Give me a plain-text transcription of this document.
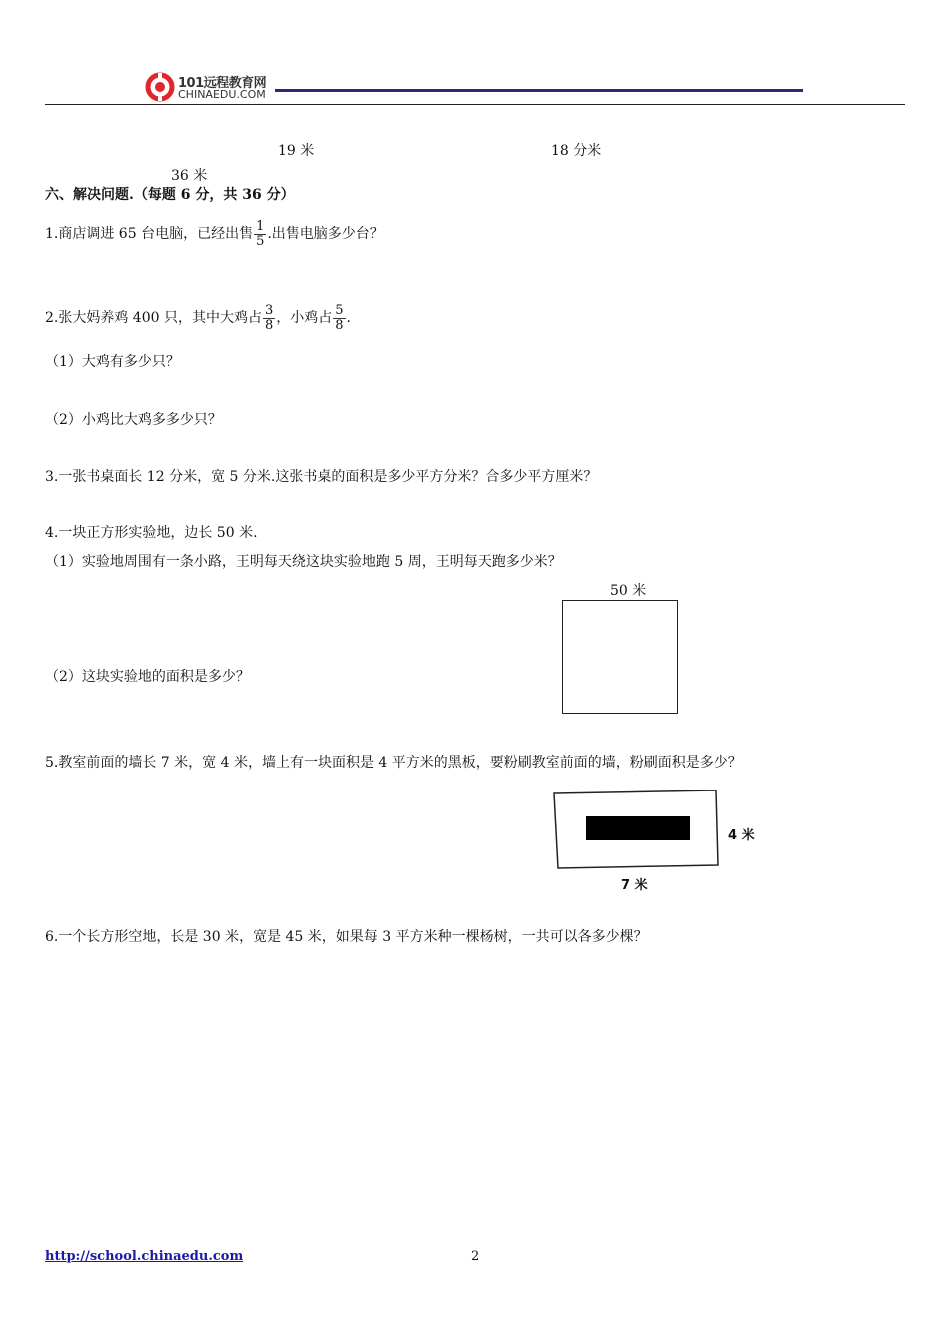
101远程教育网
CHINAEDU.COM
19 米	18 分米
36 米
六、解决问题.（每题 6 分，共 36 分）
1.商店调进 65 台电脑，已经出售 $\frac{1}{5}$ .出售电脑多少台？
2.张大妈养鸡 400 只，其中大鸡占 $\frac{3}{8}$ ，小鸡占 $\frac{5}{8}$ .
（1）大鸡有多少只？
（2）小鸡比大鸡多多少只？
3.一张书桌面长 12 分米，宽 5 分米.这张书桌的面积是多少平方分米？合多少平方厘米？
4.一块正方形实验地，边长 50 米.
（1）实验地周围有一条小路，王明每天绕这块实验地跑 5 周，王明每天跑多少米？
50 米
（2）这块实验地的面积是多少？
5.教室前面的墙长 7 米，宽 4 米，墙上有一块面积是 4 平方米的黑板，要粉刷教室前面的墙，粉刷面积是多少？
4 米
7 米
6.一个长方形空地，长是 30 米，宽是 45 米，如果每 3 平方米种一棵杨树，一共可以各多少棵？
http://school.chinaedu.com	2
